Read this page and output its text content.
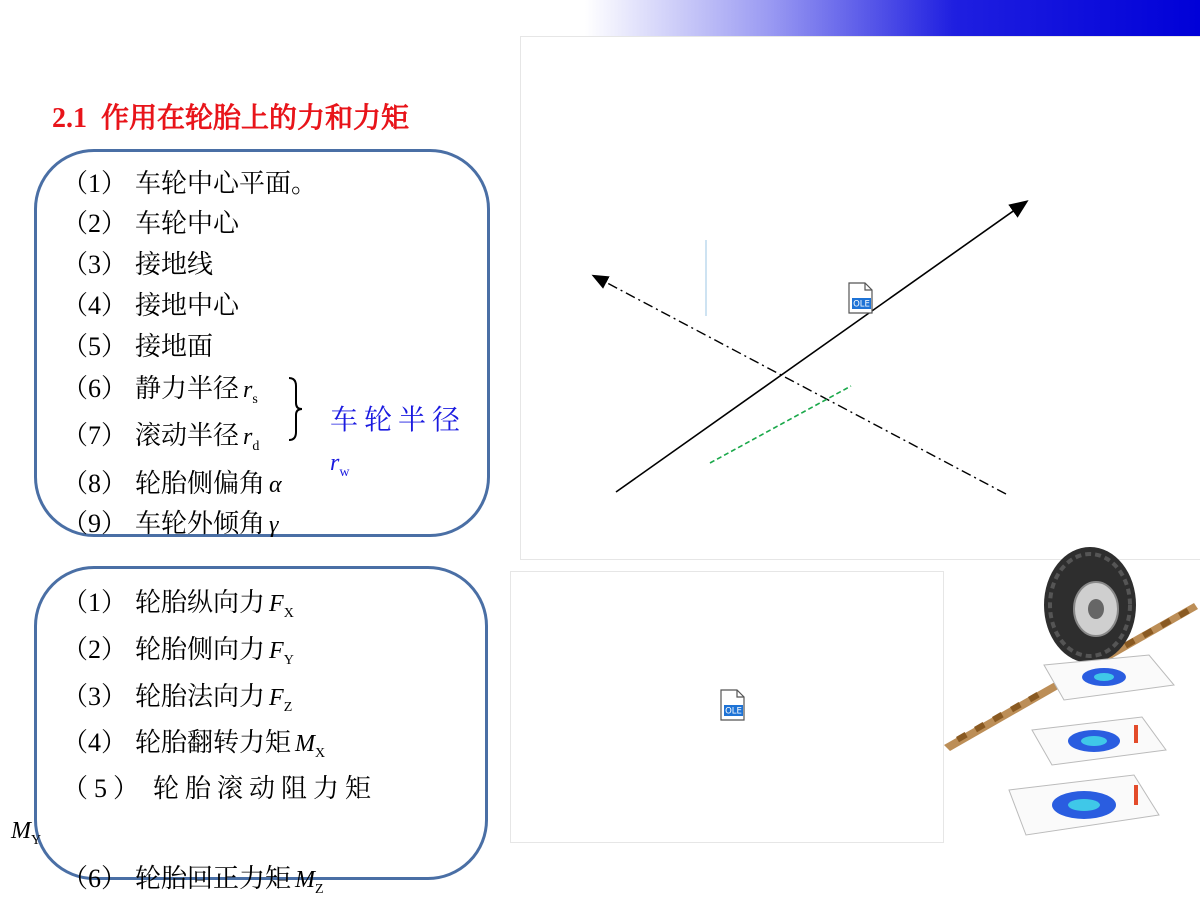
2.1 作用在轮胎上的力和力矩
（1） 车轮中心平面。
（2） 车轮中心
（3） 接地线
（4） 接地中心
（5） 接地面
（6） 静力半径 $r_s$
（7） 滚动半径 $r_d$
（8） 轮胎侧偏角 α
（9） 车轮外倾角 γ
车轮半径
$r_w$
（1） 轮胎纵向力 $F_X$
（2） 轮胎侧向力 $F_Y$
（3） 轮胎法向力 $F_Z$
（4） 轮胎翻转力矩 $M_X$
（5） 轮胎滚动阻力矩
$M_Y$
（6） 轮胎回正力矩 $M_Z$
OLE
OLE
